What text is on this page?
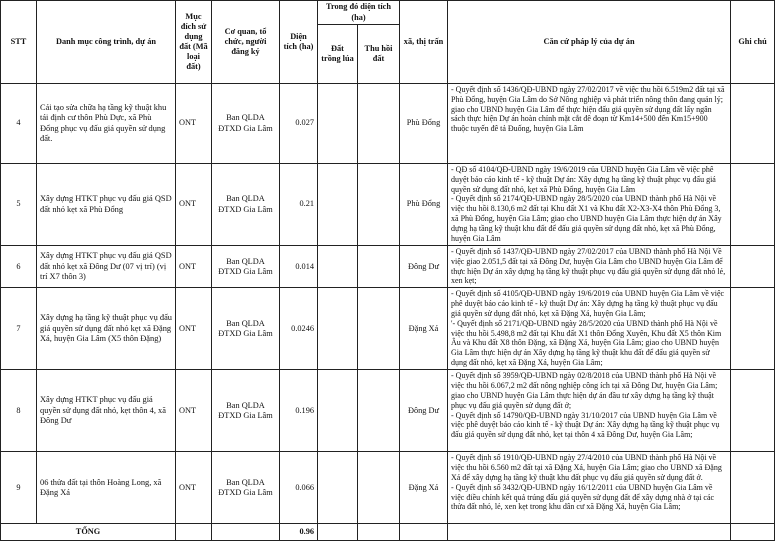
STT	Danh mục công trình, dự án	Mục đích sử dụng đất (Mã loại đất)	Cơ quan, tổ chức, người đăng ký	Diện tích (ha)	Trong đó diện tích (ha)		xã, thị trấn	Căn cứ pháp lý của dự án	Ghi chú
					Đất trồng lúa	Thu hồi đất			
4	Cải tạo sửa chữa hạ tầng kỹ thuật khu tái định cư thôn Phù Dực, xã Phù Đổng phục vụ đấu giá quyền sử dụng đất.	ONT	Ban QLDA ĐTXD Gia Lâm	0.027			Phù Đổng	- Quyết định số 1436/QĐ-UBND ngày 27/02/2017 về việc thu hồi 6.519m2 đất tại xã Phù Đổng, huyện Gia Lâm do Sở Nông nghiệp và phát triển nông thôn đang quản lý; giao cho UBND huyện Gia Lâm để thực hiện đấu giá quyền sử dụng đất lấy ngân sách thực hiện Dự án hoàn chỉnh mặt cắt đê đoạn từ Km14+500 đến Km15+900 thuộc tuyến đê tả Đuống, huyện Gia Lâm	

5	Xây dựng HTKT phục vụ đấu giá QSD đất nhỏ kẹt xã Phù Đổng	ONT	Ban QLDA ĐTXD Gia Lâm	0.21			Phù Đổng	- QĐ số 4104/QĐ-UBND ngày 19/6/2019 của UBND huyện Gia Lâm về việc phê duyệt báo cáo kinh tế - kỹ thuật Dự án: Xây dựng hạ tầng kỹ thuật phục vụ đấu giá quyền sử dụng đất nhỏ, kẹt xã Phù Đổng, huyện Gia Lâm
- Quyết định số 2174/QĐ-UBND ngày 28/5/2020 của UBND thành phố Hà Nội về việc thu hồi 8.130,6 m2 đất tại Khu đất X1 và Khu đất X2-X3-X4 thôn Phù Đổng 3, xã Phù Đổng, huyện Gia Lâm; giao cho UBND huyện Gia Lâm thực hiện dự án Xây dựng hạ tầng kỹ thuật khu đất để đấu giá quyền sử dụng đất nhỏ, kẹt xã Phù Đổng, huyện Gia Lâm	

6	Xây dựng HTKT phục vụ đấu giá QSD đất nhỏ kẹt xã Đông Dư (07 vị trí) (vị trí X7 thôn 3)	ONT	Ban QLDA ĐTXD Gia Lâm	0.014			Đông Dư	- Quyết định số 1437/QĐ-UBND ngày 27/02/2017 của UBND thành phố Hà Nội Về việc giao 2.051,5 đất tại xã Đông Dư, huyện Gia Lâm cho UBND huyện Gia Lâm để thực hiện Dự án xây dựng hạ tầng kỹ thuật phục vụ đấu giá quyền sử dụng đất nhỏ lẻ, xen kẹt;	

7	Xây dựng hạ tầng kỹ thuật phục vụ đấu giá quyền sử dụng đất nhỏ kẹt xã Đặng Xá, huyện Gia Lâm (X5 thôn Đặng)	ONT	Ban QLDA ĐTXD Gia Lâm	0.0246			Đặng Xá	- Quyết định số 4105/QĐ-UBND ngày 19/6/2019 của UBND huyện Gia Lâm về việc phê duyệt báo cáo kinh tế - kỹ thuật Dự án: Xây dựng hạ tầng kỹ thuật phục vụ đấu giá quyền sử dụng đất nhỏ, kẹt xã Đặng Xá, huyện Gia Lâm;
'- Quyết định số 2171/QĐ-UBND ngày 28/5/2020 của UBND thành phố Hà Nội về việc thu hồi 5.498,8 m2 đất tại Khu đất X1 thôn Đổng Xuyên, Khu đất X5 thôn Kim Âu và Khu đất X8 thôn Đặng, xã Đặng Xá, huyện Gia Lâm; giao cho UBND huyện Gia Lâm thực hiện dự án Xây dựng hạ tầng kỹ thuật khu đất để đấu giá quyền sử dụng đất nhỏ, kẹt xã Đặng Xá, huyện Gia Lâm;	

8	Xây dựng HTKT phục vụ đấu giá quyền sử dụng đất nhỏ, kẹt thôn 4, xã Đông Dư	ONT	Ban QLDA ĐTXD Gia Lâm	0.196			Đông Dư	- Quyết định số 3959/QĐ-UBND ngày 02/8/2018 của UBND thành phố Hà Nội về việc thu hồi 6.067,2 m2 đất nông nghiệp công ích tại xã Đông Dư, huyện Gia Lâm; giao cho UBND huyện Gia Lâm thực hiện dự án đầu tư xây dựng hạ tầng kỹ thuật phục vụ đấu giá quyền sử dụng đất ở;
- Quyết định số 14790/QĐ-UBND ngày 31/10/2017 của UBND huyện Gia Lâm về việc phê duyệt báo cáo kinh tế - kỹ thuật Dự án: Xây dựng hạ tầng kỹ thuật phục vụ đấu giá quyền sử dụng đất nhỏ, kẹt tại thôn 4 xã Đông Dư, huyện Gia Lâm;	

9	06 thửa đất tại thôn Hoàng Long, xã Đặng Xá	ONT	Ban QLDA ĐTXD Gia Lâm	0.066			Đặng Xá	- Quyết định số 1910/QĐ-UBND ngày 27/4/2010 của UBND thành phố Hà Nội về việc thu hồi 6.560 m2 đất tại xã Đặng Xá, huyện Gia Lâm; giao cho UBND xã Đặng Xá để xây dựng hạ tầng kỹ thuật khu đất phục vụ đấu giá quyền sử dụng đất ở.
- Quyết định số 3432/QĐ-UBND ngày 16/12/2011 của UBND huyện Gia Lâm về việc điều chỉnh kết quả trúng đấu giá quyền sử dụng đất để xây dựng nhà ở tại các thửa đất nhỏ, lẻ, xen kẹt trong khu dân cư xã Đặng Xá, huyện Gia Lâm;	

TỔNG				0.96					
